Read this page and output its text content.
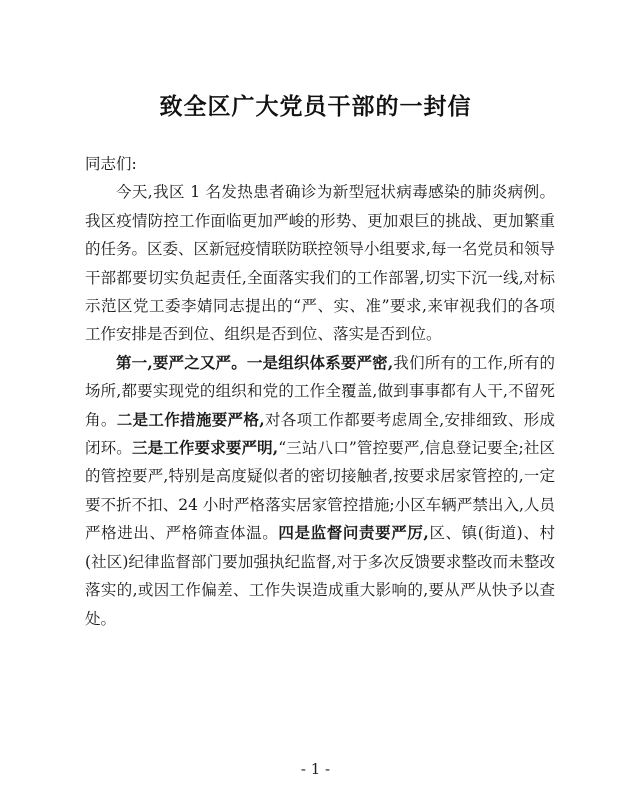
致全区广大党员干部的一封信

同志们:

今天,我区 1 名发热患者确诊为新型冠状病毒感染的肺炎病例。我区疫情防控工作面临更加严峻的形势、更加艰巨的挑战、更加繁重的任务。区委、区新冠疫情联防联控领导小组要求,每一名党员和领导干部都要切实负起责任,全面落实我们的工作部署,切实下沉一线,对标示范区党工委李婧同志提出的“严、实、准”要求,来审视我们的各项工作安排是否到位、组织是否到位、落实是否到位。

第一,要严之又严。一是组织体系要严密,我们所有的工作,所有的场所,都要实现党的组织和党的工作全覆盖,做到事事都有人干,不留死角。二是工作措施要严格,对各项工作都要考虑周全,安排细致、形成闭环。三是工作要求要严明,“三站八口”管控要严,信息登记要全;社区的管控要严,特别是高度疑似者的密切接触者,按要求居家管控的,一定要不折不扣、24 小时严格落实居家管控措施;小区车辆严禁出入,人员严格进出、严格筛查体温。四是监督问责要严厉,区、镇(街道)、村(社区)纪律监督部门要加强执纪监督,对于多次反馈要求整改而未整改落实的,或因工作偏差、工作失误造成重大影响的,要从严从快予以查处。

- 1 -
